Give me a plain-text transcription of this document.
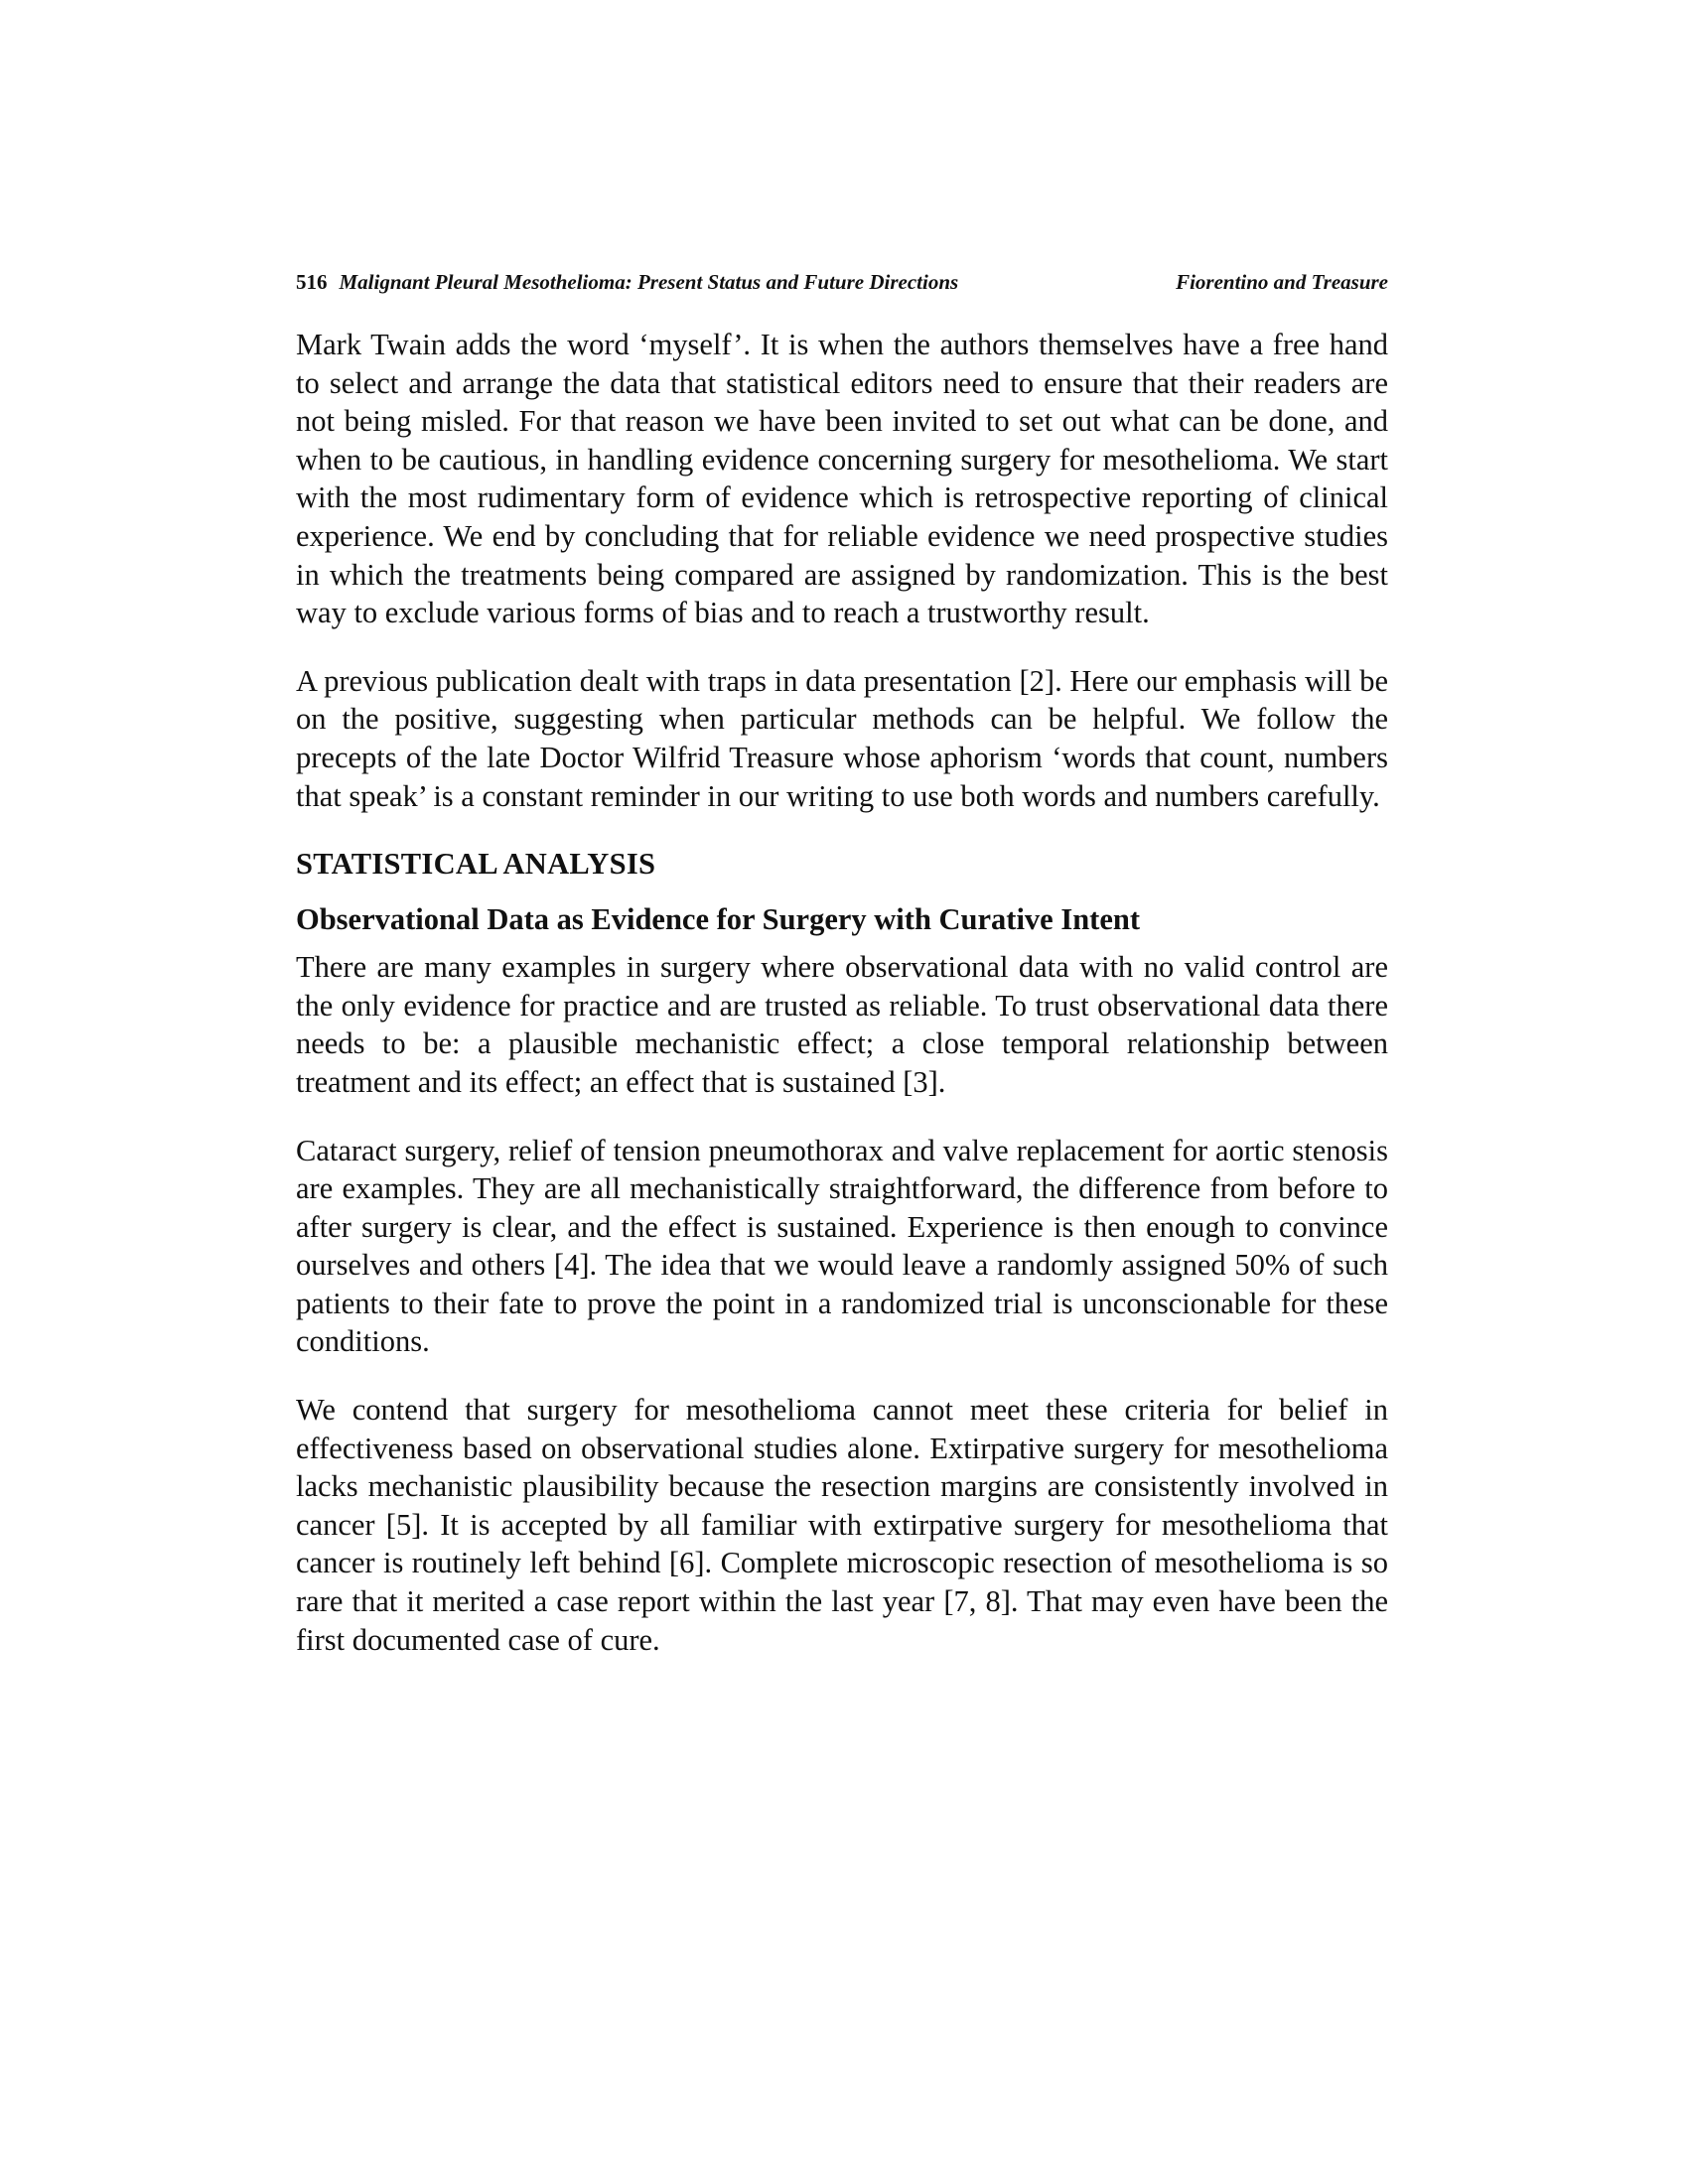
516 Malignant Pleural Mesothelioma: Present Status and Future Directions	Fiorentino and Treasure

Mark Twain adds the word ‘myself’. It is when the authors themselves have a free hand to select and arrange the data that statistical editors need to ensure that their readers are not being misled. For that reason we have been invited to set out what can be done, and when to be cautious, in handling evidence concerning surgery for mesothelioma. We start with the most rudimentary form of evidence which is retrospective reporting of clinical experience. We end by concluding that for reliable evidence we need prospective studies in which the treatments being compared are assigned by randomization. This is the best way to exclude various forms of bias and to reach a trustworthy result.

A previous publication dealt with traps in data presentation [2]. Here our emphasis will be on the positive, suggesting when particular methods can be helpful. We follow the precepts of the late Doctor Wilfrid Treasure whose aphorism ‘words that count, numbers that speak’ is a constant reminder in our writing to use both words and numbers carefully.

STATISTICAL ANALYSIS
Observational Data as Evidence for Surgery with Curative Intent

There are many examples in surgery where observational data with no valid control are the only evidence for practice and are trusted as reliable. To trust observational data there needs to be: a plausible mechanistic effect; a close temporal relationship between treatment and its effect; an effect that is sustained [3].

Cataract surgery, relief of tension pneumothorax and valve replacement for aortic stenosis are examples. They are all mechanistically straightforward, the difference from before to after surgery is clear, and the effect is sustained. Experience is then enough to convince ourselves and others [4]. The idea that we would leave a randomly assigned 50% of such patients to their fate to prove the point in a randomized trial is unconscionable for these conditions.

We contend that surgery for mesothelioma cannot meet these criteria for belief in effectiveness based on observational studies alone. Extirpative surgery for mesothelioma lacks mechanistic plausibility because the resection margins are consistently involved in cancer [5]. It is accepted by all familiar with extirpative surgery for mesothelioma that cancer is routinely left behind [6]. Complete microscopic resection of mesothelioma is so rare that it merited a case report within the last year [7, 8]. That may even have been the first documented case of cure.
